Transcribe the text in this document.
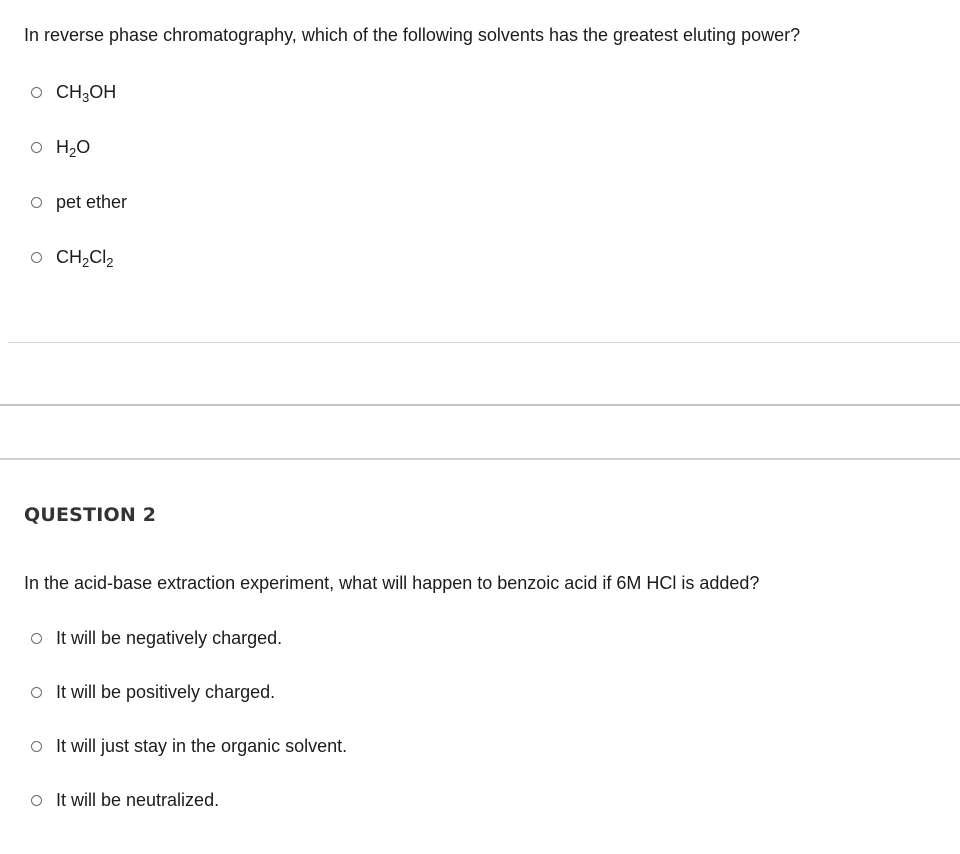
In reverse phase chromatography, which of the following solvents has the greatest eluting power?
$CH_3OH$
$H_2O$
pet ether
$CH_2Cl_2$
QUESTION 2
In the acid-base extraction experiment, what will happen to benzoic acid if 6M HCl is added?
It will be negatively charged.
It will be positively charged.
It will just stay in the organic solvent.
It will be neutralized.
